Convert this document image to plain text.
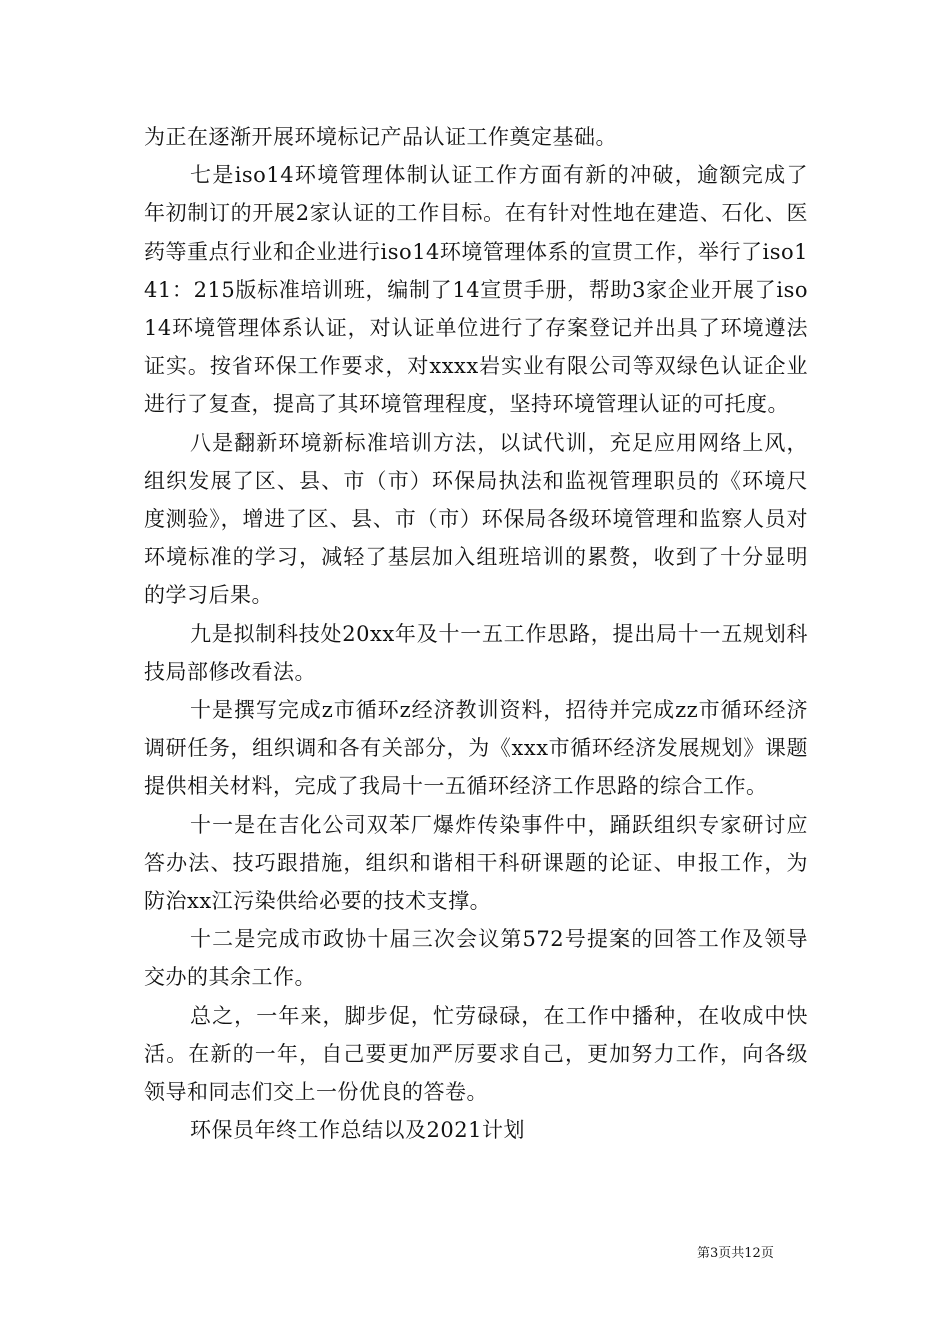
为正在逐渐开展环境标记产品认证工作奠定基础。

七是iso14环境管理体制认证工作方面有新的冲破，逾额完成了年初制订的开展2家认证的工作目标。在有针对性地在建造、石化、医药等重点行业和企业进行iso14环境管理体系的宣贯工作，举行了iso141：215版标准培训班，编制了14宣贯手册，帮助3家企业开展了iso14环境管理体系认证，对认证单位进行了存案登记并出具了环境遵法证实。按省环保工作要求，对xxxx岩实业有限公司等双绿色认证企业进行了复查，提高了其环境管理程度，坚持环境管理认证的可托度。

八是翻新环境新标准培训方法，以试代训，充足应用网络上风，组织发展了区、县、市（市）环保局执法和监视管理职员的《环境尺度测验》，增进了区、县、市（市）环保局各级环境管理和监察人员对环境标准的学习，减轻了基层加入组班培训的累赘，收到了十分显明的学习后果。

九是拟制科技处20xx年及十一五工作思路，提出局十一五规划科技局部修改看法。

十是撰写完成z市循环z经济教训资料，招待并完成zz市循环经济调研任务，组织调和各有关部分，为《xxx市循环经济发展规划》课题提供相关材料，完成了我局十一五循环经济工作思路的综合工作。

十一是在吉化公司双苯厂爆炸传染事件中，踊跃组织专家研讨应答办法、技巧跟措施，组织和谐相干科研课题的论证、申报工作，为防治xx江污染供给必要的技术支撑。

十二是完成市政协十届三次会议第572号提案的回答工作及领导交办的其余工作。

总之，一年来，脚步促，忙劳碌碌，在工作中播种，在收成中快活。在新的一年，自己要更加严厉要求自己，更加努力工作，向各级领导和同志们交上一份优良的答卷。

环保员年终工作总结以及2021计划

第3页共12页
